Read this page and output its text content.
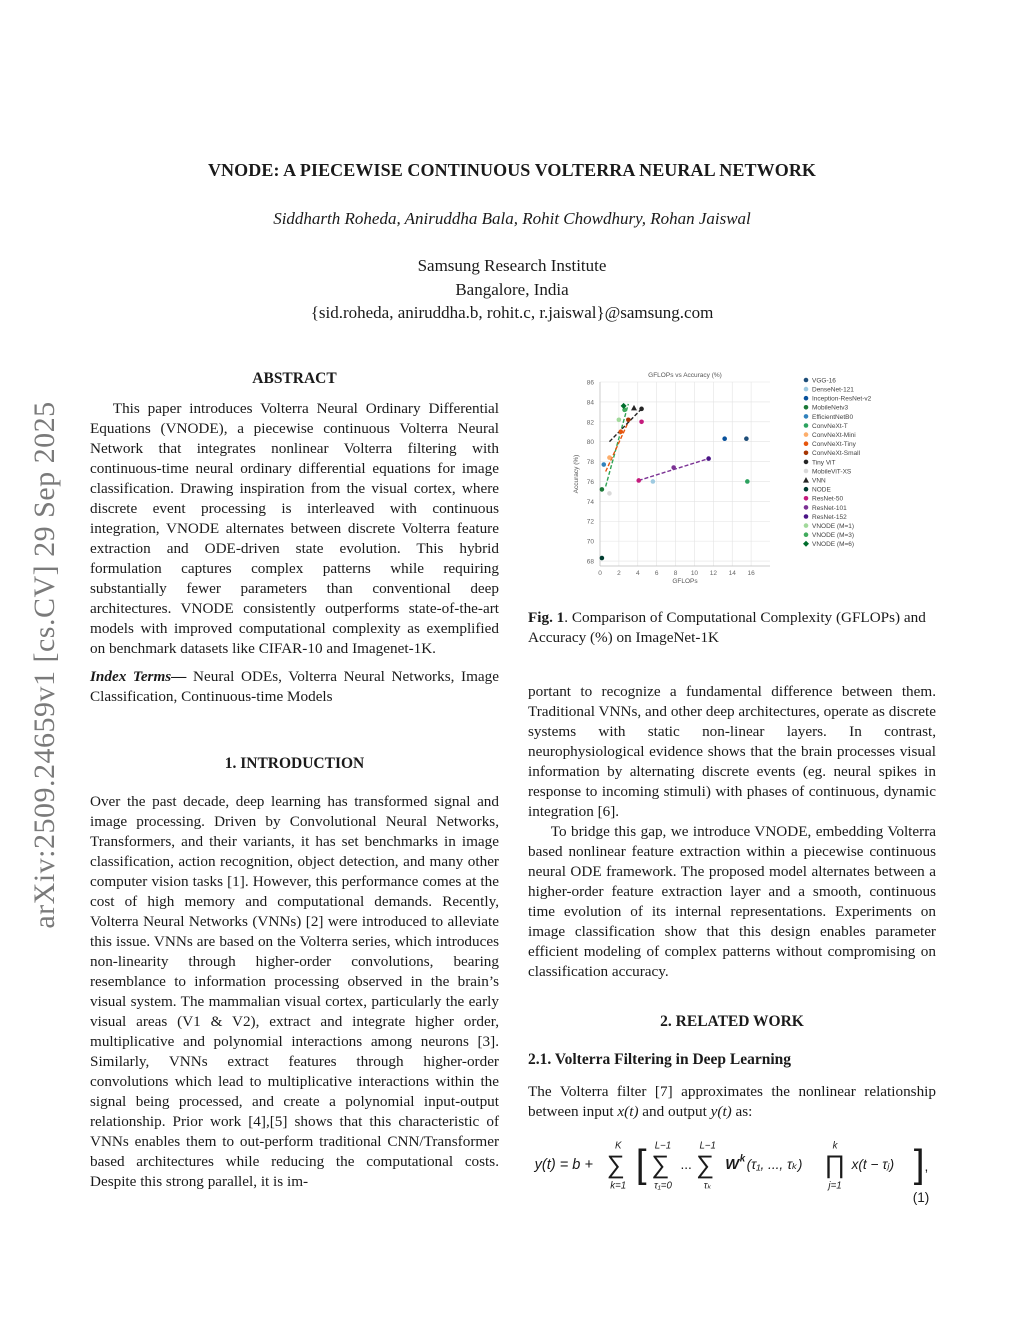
VNODE: A PIECEWISE CONTINUOUS VOLTERRA NEURAL NETWORK
Siddharth Roheda, Aniruddha Bala, Rohit Chowdhury, Rohan Jaiswal
Samsung Research Institute
Bangalore, India
{sid.roheda, aniruddha.b, rohit.c, r.jaiswal}@samsung.com
arXiv:2509.24659v1 [cs.CV] 29 Sep 2025
ABSTRACT

This paper introduces Volterra Neural Ordinary Differential Equations (VNODE), a piecewise continuous Volterra Neural Network that integrates nonlinear Volterra filtering with continuous-time neural ordinary differential equations for image classification. Drawing inspiration from the visual cortex, where discrete event processing is interleaved with continuous integration, VNODE alternates between discrete Volterra feature extraction and ODE-driven state evolution. This hybrid formulation captures complex patterns while requiring substantially fewer parameters than conventional deep architectures. VNODE consistently outperforms state-of-the-art models with improved computational complexity as exemplified on benchmark datasets like CIFAR-10 and Imagenet-1K.

Index Terms— Neural ODEs, Volterra Neural Networks, Image Classification, Continuous-time Models

1. INTRODUCTION

Over the past decade, deep learning has transformed signal and image processing. Driven by Convolutional Neural Networks, Transformers, and their variants, it has set benchmarks in image classification, action recognition, object detection, and many other computer vision tasks [1]. However, this performance comes at the cost of high memory and computational demands. Recently, Volterra Neural Networks (VNNs) [2] were introduced to alleviate this issue. VNNs are based on the Volterra series, which introduces non-linearity through higher-order convolutions, bearing resemblance to information processing observed in the brain’s visual system. The mammalian visual cortex, particularly the early visual areas (V1 & V2), extract and integrate higher order, multiplicative and polynomial interactions among neurons [3]. Similarly, VNNs extract features through higher-order convolutions which lead to multiplicative interactions within the signal being processed, and create a polynomial input-output relationship. Prior work [4],[5] shows that this characteristic of VNNs enables them to out-perform traditional CNN/Transformer based architectures while reducing the computational costs. Despite this strong parallel, it is im-

GFLOPs vs Accuracy (%)
68
70
72
74
76
78
80
82
84
86
0 2 4 6 8 10 12 14 16
GFLOPs
Accuracy (%)
VGG-16
DenseNet-121
Inception-ResNet-v2
MobileNetv3
EfficientNetB0
ConvNeXt-T
ConvNeXt-Mini
ConvNeXt-Tiny
ConvNeXt-Small
Tiny ViT
MobileViT-XS
VNN
NODE
ResNet-50
ResNet-101
ResNet-152
VNODE (M=1)
VNODE (M=3)
VNODE (M=6)
Fig. 1. Comparison of Computational Complexity (GFLOPs) and Accuracy (%) on ImageNet-1K

portant to recognize a fundamental difference between them. Traditional VNNs, and other deep architectures, operate as discrete systems with static non-linear layers. In contrast, neurophysiological evidence shows that the brain processes visual information by alternating discrete events (eg. neural spikes in response to incoming stimuli) with phases of continuous, dynamic integration [6].

To bridge this gap, we introduce VNODE, embedding Volterra based nonlinear feature extraction within a piecewise continuous neural ODE framework. The proposed model alternates between a higher-order feature extraction layer and a smooth, continuous time evolution of its internal representations. Experiments on image classification show that this design enables parameter efficient modeling of complex patterns without compromising on classification accuracy.

2. RELATED WORK
2.1. Volterra Filtering in Deep Learning

The Volterra filter [7] approximates the nonlinear relationship between input x(t) and output y(t) as:

y(t) = b + ∑
K
k=1
[ ∑
L−1
τ₁=0
... ∑
L−1
τₖ
W k (τ₁, ..., τₖ) ∏
k
j=1
x(t − τⱼ) ] ,
(1)
